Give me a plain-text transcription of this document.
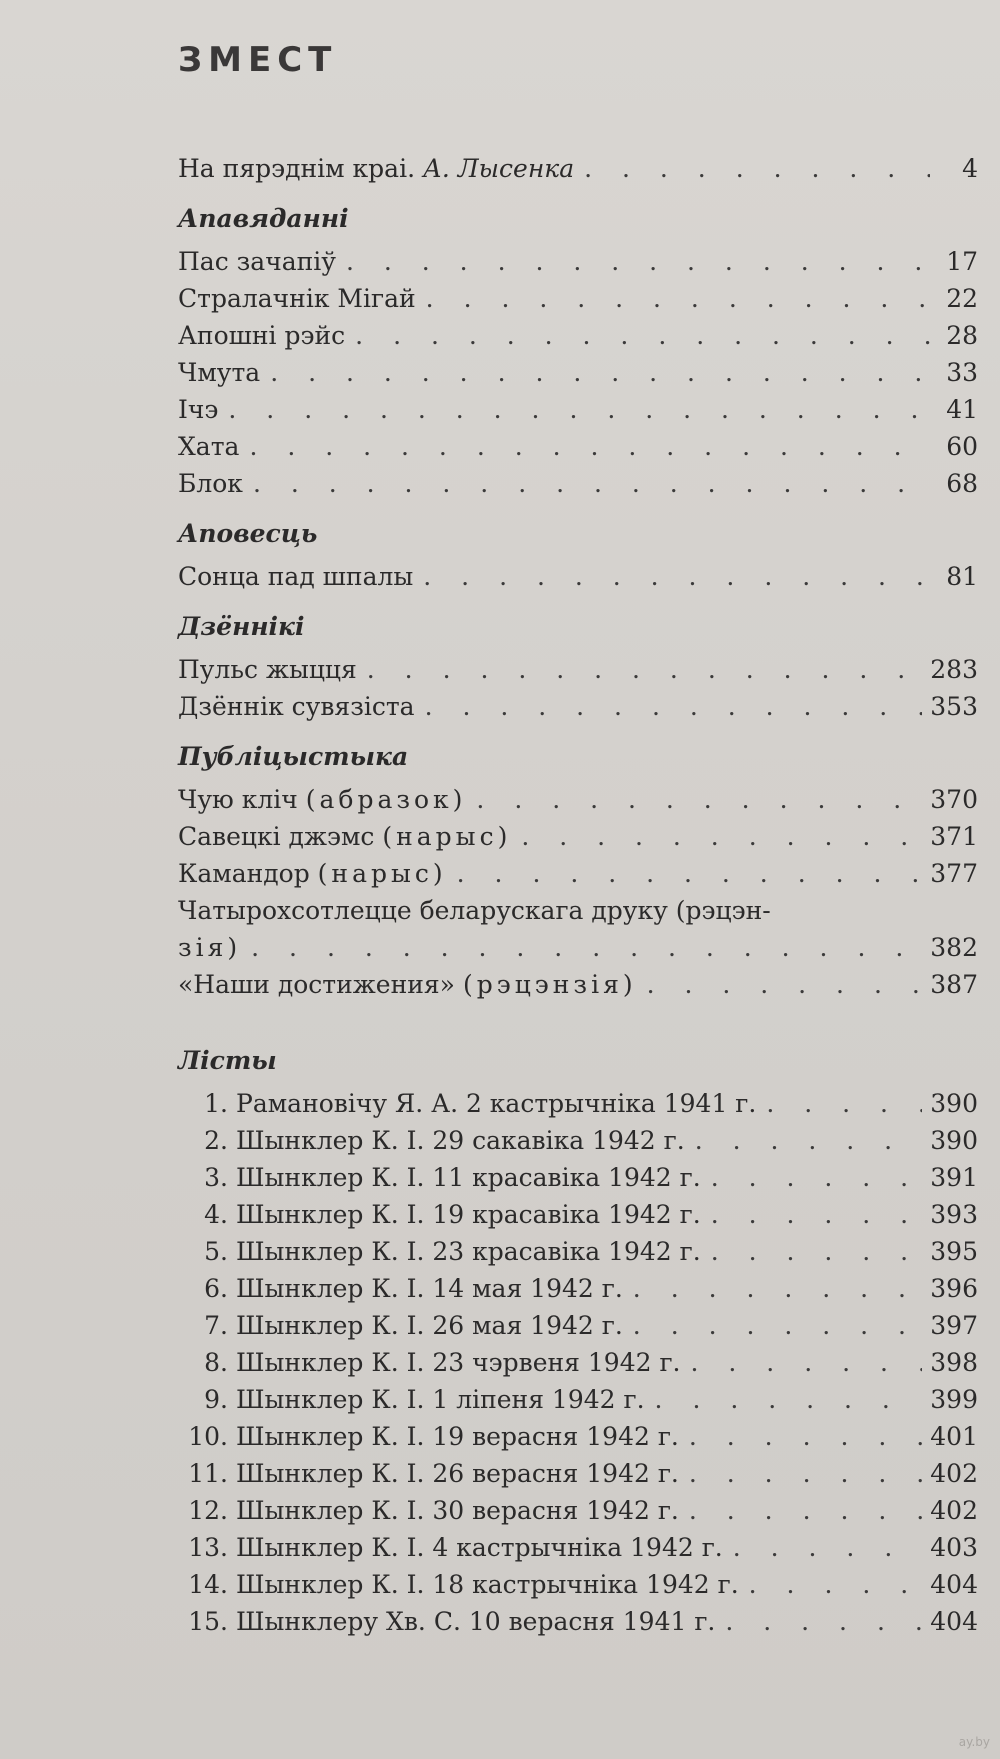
ЗМЕСТ
На пярэднім краі. А. Лысенка . . .	4
Апавяданні
Пас зачапіў . . .	17
Стралачнік Мігай . . .	22
Апошні рэйс . . .	28
Чмута . . .	33
Ічэ . . .	41
Хата . . .	60
Блок . . .	68
Аповесць
Сонца пад шпалы . . .	81
Дзённікі
Пульс жыцця . . .	283
Дзённік сувязіста . . .	353
Публіцыстыка
Чую кліч (абразок) . . .	370
Савецкі джэмс (нарыс) . . .	371
Камандор (нарыс) . . .	377
Чатырохсотлецце беларускага друку (рэцэн-
зія) . . .	382
«Наши достижения» (рэцэнзія) . . .	387
Лісты
1. Рамановічу Я. А. 2 кастрычніка 1941 г. . . .	390
2. Шынклер К. І. 29 сакавіка 1942 г. . . .	390
3. Шынклер К. І. 11 красавіка 1942 г. . . .	391
4. Шынклер К. І. 19 красавіка 1942 г. . . .	393
5. Шынклер К. І. 23 красавіка 1942 г. . . .	395
6. Шынклер К. І. 14 мая 1942 г. . . .	396
7. Шынклер К. І. 26 мая 1942 г. . . .	397
8. Шынклер К. І. 23 чэрвеня 1942 г. . . .	398
9. Шынклер К. І. 1 ліпеня 1942 г. . . .	399
10. Шынклер К. І. 19 верасня 1942 г. . . .	401
11. Шынклер К. І. 26 верасня 1942 г. . . .	402
12. Шынклер К. І. 30 верасня 1942 г. . . .	402
13. Шынклер К. І. 4 кастрычніка 1942 г. . . .	403
14. Шынклер К. І. 18 кастрычніка 1942 г. . . .	404
15. Шынклеру Хв. С. 10 верасня 1941 г. . . .	404
ay.by
